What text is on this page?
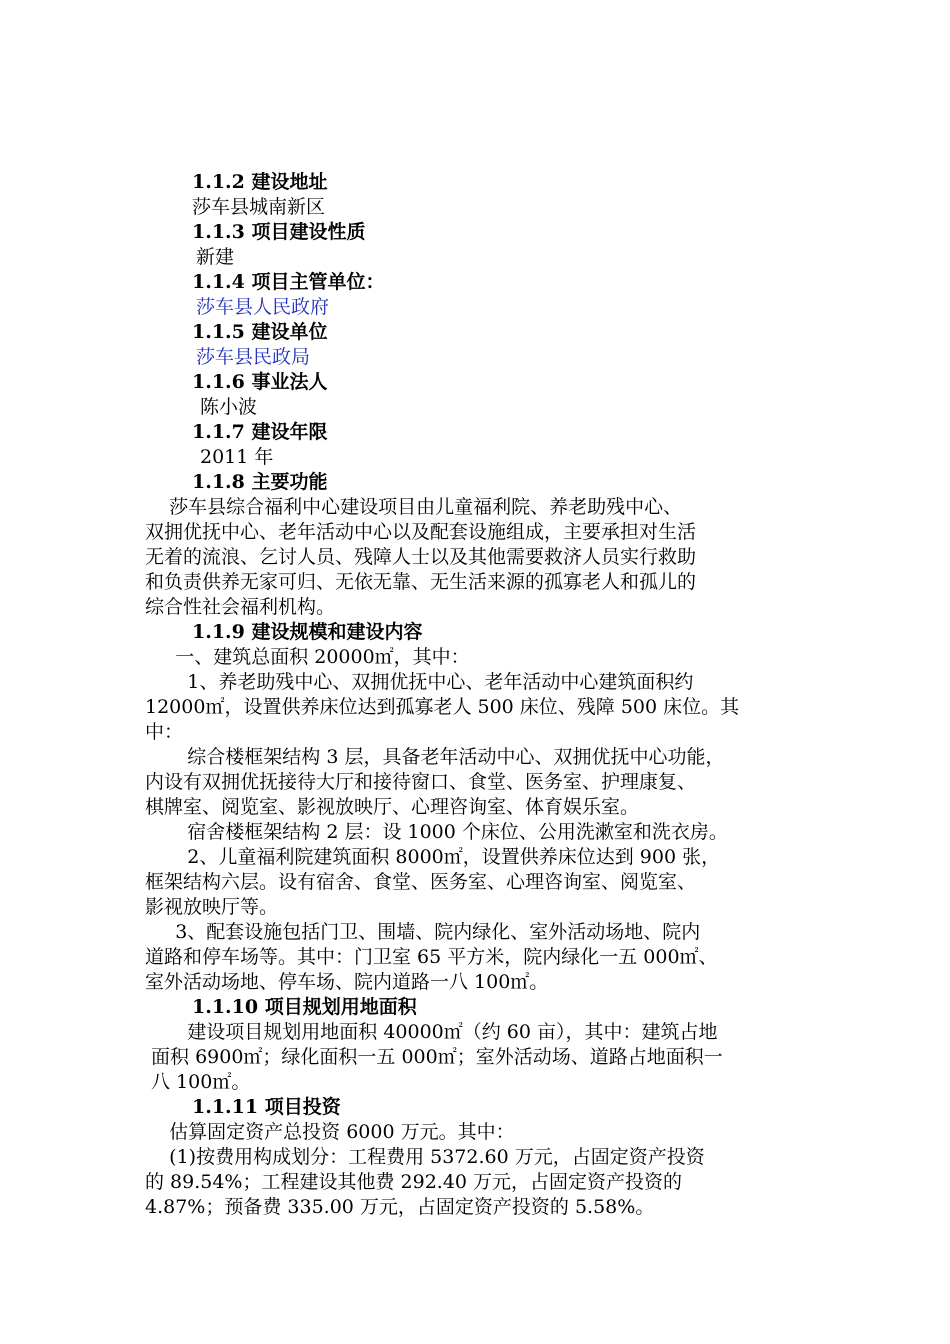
1.1.2 建设地址
莎车县城南新区
1.1.3 项目建设性质
新建
1.1.4 项目主管单位：
莎车县人民政府
1.1.5 建设单位
莎车县民政局
1.1.6 事业法人
陈小波
1.1.7 建设年限
2011 年
1.1.8 主要功能
莎车县综合福利中心建设项目由儿童福利院、养老助残中心、
双拥优抚中心、老年活动中心以及配套设施组成，主要承担对生活
无着的流浪、乞讨人员、残障人士以及其他需要救济人员实行救助
和负责供养无家可归、无依无靠、无生活来源的孤寡老人和孤儿的
综合性社会福利机构。
1.1.9 建设规模和建设内容
一、建筑总面积 20000㎡，其中：
1、养老助残中心、双拥优抚中心、老年活动中心建筑面积约
12000㎡，设置供养床位达到孤寡老人 500 床位、残障 500 床位。其
中：
综合楼框架结构 3 层，具备老年活动中心、双拥优抚中心功能，
内设有双拥优抚接待大厅和接待窗口、食堂、医务室、护理康复、
棋牌室、阅览室、影视放映厅、心理咨询室、体育娱乐室。
宿舍楼框架结构 2 层：设 1000 个床位、公用洗漱室和洗衣房。
2、儿童福利院建筑面积 8000㎡，设置供养床位达到 900 张，
框架结构六层。设有宿舍、食堂、医务室、心理咨询室、阅览室、
影视放映厅等。
3、配套设施包括门卫、围墙、院内绿化、室外活动场地、院内
道路和停车场等。其中：门卫室 65 平方米，院内绿化一五 000㎡、
室外活动场地、停车场、院内道路一八 100㎡。
1.1.10 项目规划用地面积
建设项目规划用地面积 40000㎡（约 60 亩），其中：建筑占地
面积 6900㎡；绿化面积一五 000㎡；室外活动场、道路占地面积一
八 100㎡。
1.1.11 项目投资
估算固定资产总投资 6000 万元。其中：
(1)按费用构成划分：工程费用 5372.60 万元，占固定资产投资
的 89.54%；工程建设其他费 292.40 万元，占固定资产投资的
4.87%；预备费 335.00 万元，占固定资产投资的 5.58%。
